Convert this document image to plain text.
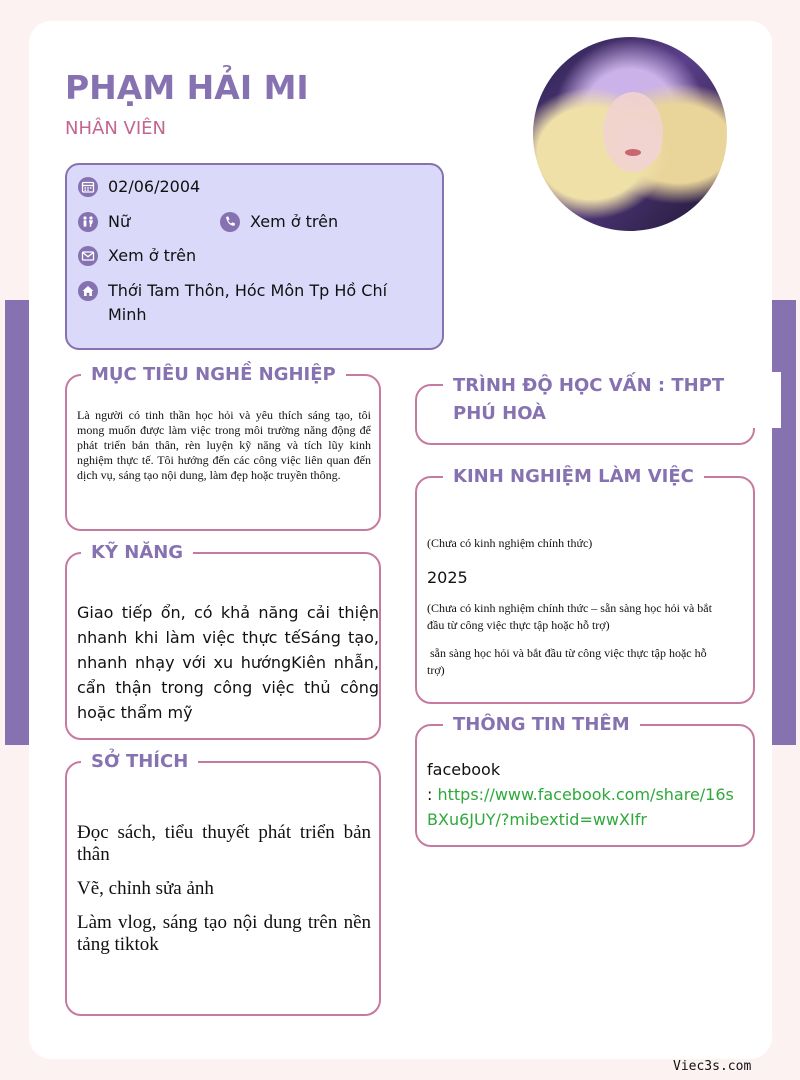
PHẠM HẢI MI
NHÂN VIÊN
02/06/2004
Nữ	Xem ở trên
Xem ở trên
Thới Tam Thôn, Hóc Môn Tp Hồ Chí Minh
MỤC TIÊU NGHỀ NGHIỆP
Là người có tinh thần học hỏi và yêu thích sáng tạo, tôi mong muốn được làm việc trong môi trường năng động để phát triển bản thân, rèn luyện kỹ năng và tích lũy kinh nghiệm thực tế. Tôi hướng đến các công việc liên quan đến dịch vụ, sáng tạo nội dung, làm đẹp hoặc truyền thông.
KỸ NĂNG
Giao tiếp ổn, có khả năng cải thiện nhanh khi làm việc thực tếSáng tạo, nhanh nhạy với xu hướngKiên nhẫn, cẩn thận trong công việc thủ công hoặc thẩm mỹ
SỞ THÍCH
Đọc sách, tiểu thuyết phát triển bản thân
Vẽ, chỉnh sửa ảnh
Làm vlog, sáng tạo nội dung trên nền tảng tiktok
TRÌNH ĐỘ HỌC VẤN : THPT PHÚ HOÀ
KINH NGHIỆM LÀM VIỆC
(Chưa có kinh nghiệm chính thức)
2025
(Chưa có kinh nghiệm chính thức – sẵn sàng học hỏi và bắt đầu từ công việc thực tập hoặc hỗ trợ)
sẵn sàng học hỏi và bắt đầu từ công việc thực tập hoặc hỗ trợ)
THÔNG TIN THÊM
facebook
: https://www.facebook.com/share/16sBXu6JUY/?mibextid=wwXIfr
Viec3s.com
